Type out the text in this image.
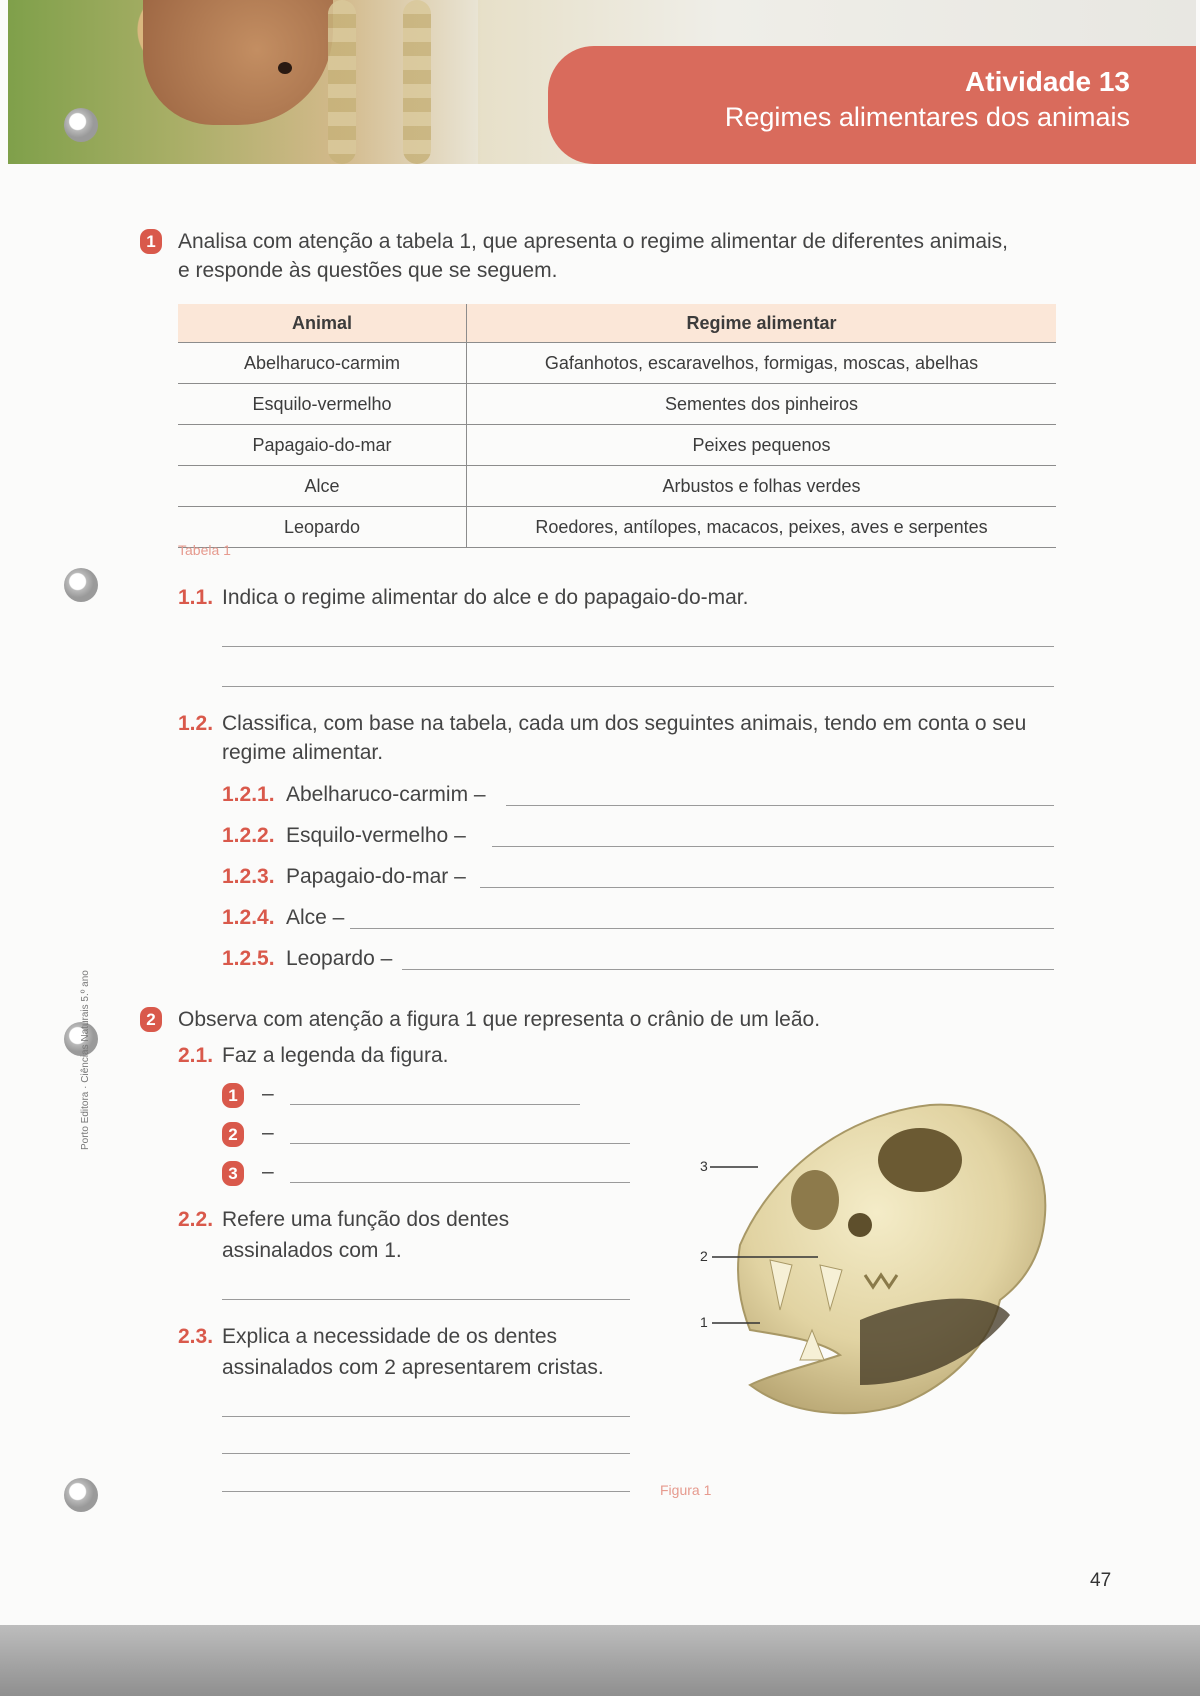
Atividade 13
Regimes alimentares dos animais
1 Analisa com atenção a tabela 1, que apresenta o regime alimentar de diferentes animais,
e responde às questões que se seguem.
Animal	Regime alimentar
Abelharuco-carmim	Gafanhotos, escaravelhos, formigas, moscas, abelhas
Esquilo-vermelho	Sementes dos pinheiros
Papagaio-do-mar	Peixes pequenos
Alce	Arbustos e folhas verdes
Leopardo	Roedores, antílopes, macacos, peixes, aves e serpentes
Tabela 1
1.1. Indica o regime alimentar do alce e do papagaio-do-mar.
1.2. Classifica, com base na tabela, cada um dos seguintes animais, tendo em conta o seu
regime alimentar.
1.2.1. Abelharuco-carmim –
1.2.2. Esquilo-vermelho –
1.2.3. Papagaio-do-mar –
1.2.4. Alce –
1.2.5. Leopardo –
2 Observa com atenção a figura 1 que representa o crânio de um leão.
2.1. Faz a legenda da figura.
1 –
2 –
3 –
2.2. Refere uma função dos dentes
assinalados com 1.
2.3. Explica a necessidade de os dentes
assinalados com 2 apresentarem cristas.
3
2
1
Figura 1
Porto Editora · Ciências Naturais 5.º ano
47
